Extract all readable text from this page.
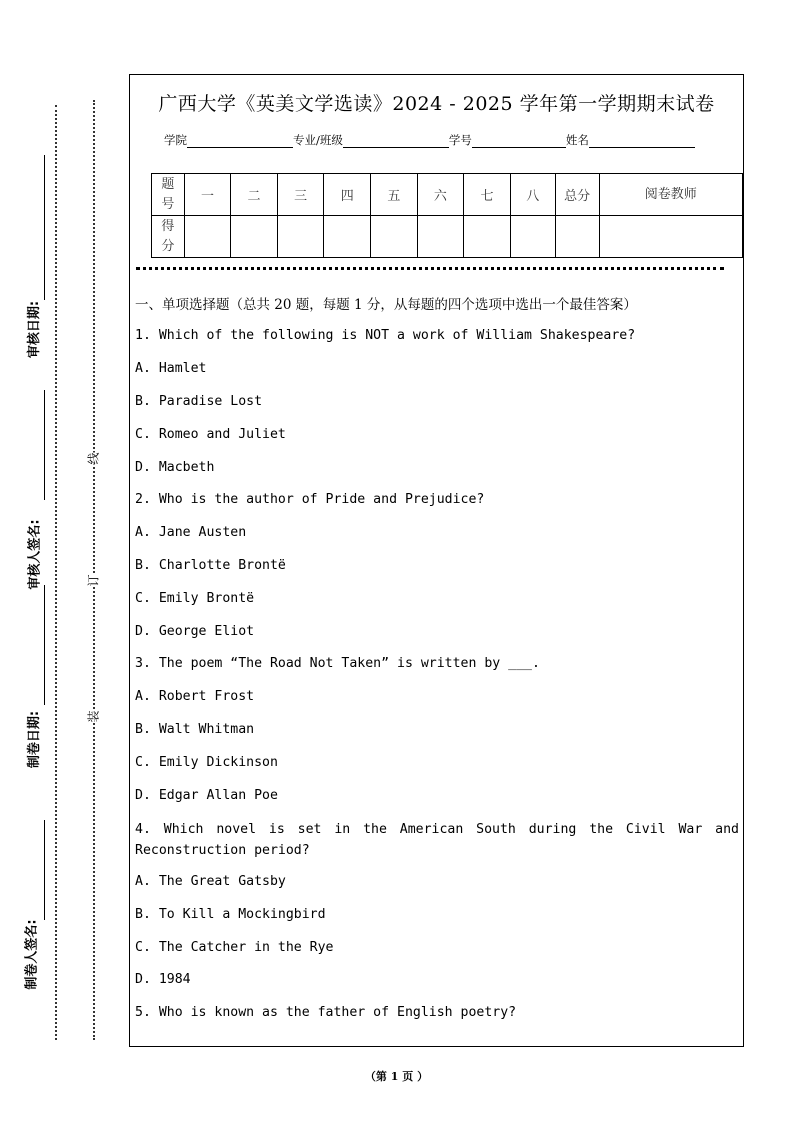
审核日期:
审核人签名:
制卷日期:
制卷人签名:
线
订
装
广西大学《英美文学选读》2024 - 2025 学年第一学期期末试卷
学院	专业/班级	学号	姓名
题号	一	二	三	四	五	六	七	八	总分	阅卷教师
得分										
一、单项选择题（总共 20 题，每题 1 分，从每题的四个选项中选出一个最佳答案）
1. Which of the following is NOT a work of William Shakespeare?
A. Hamlet
B. Paradise Lost
C. Romeo and Juliet
D. Macbeth
2. Who is the author of Pride and Prejudice?
A. Jane Austen
B. Charlotte Brontë
C. Emily Brontë
D. George Eliot
3. The poem “The Road Not Taken” is written by ___.
A. Robert Frost
B. Walt Whitman
C. Emily Dickinson
D. Edgar Allan Poe
4. Which novel is set in the American South during the Civil War and Reconstruction period?
A. The Great Gatsby
B. To Kill a Mockingbird
C. The Catcher in the Rye
D. 1984
5. Who is known as the father of English poetry?
（第 1 页 ）
